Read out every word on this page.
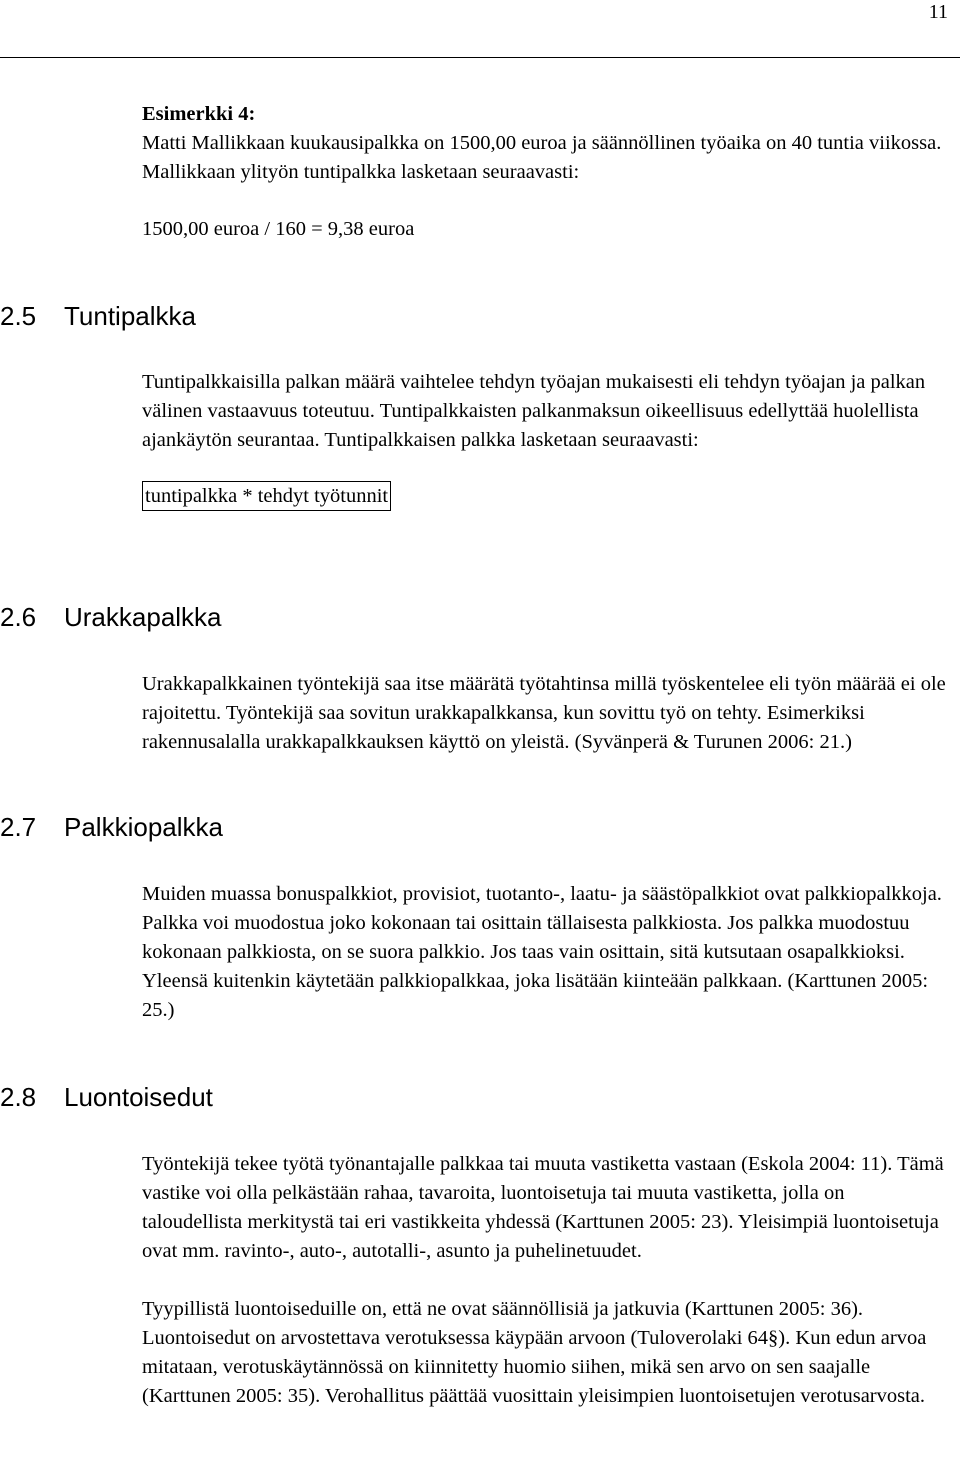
11

Esimerkki 4:

Matti Mallikkaan kuukausipalkka on 1500,00 euroa ja säännöllinen työaika on 40 tuntia viikossa. Mallikkaan ylityön tuntipalkka lasketaan seuraavasti:

1500,00 euroa / 160 = 9,38 euroa

2.5 Tuntipalkka

Tuntipalkkaisilla palkan määrä vaihtelee tehdyn työajan mukaisesti eli tehdyn työajan ja palkan välinen vastaavuus toteutuu. Tuntipalkkaisten palkanmaksun oikeellisuus edellyttää huolellista ajankäytön seurantaa. Tuntipalkkaisen palkka lasketaan seuraavasti:

tuntipalkka * tehdyt työtunnit

2.6 Urakkapalkka

Urakkapalkkainen työntekijä saa itse määrätä työtahtinsa millä työskentelee eli työn määrää ei ole rajoitettu. Työntekijä saa sovitun urakkapalkkansa, kun sovittu työ on tehty. Esimerkiksi rakennusalalla urakkapalkkauksen käyttö on yleistä. (Syvänperä & Turunen 2006: 21.)

2.7 Palkkiopalkka

Muiden muassa bonuspalkkiot, provisiot, tuotanto-, laatu- ja säästöpalkkiot ovat palkkiopalkkoja. Palkka voi muodostua joko kokonaan tai osittain tällaisesta palkkiosta. Jos palkka muodostuu kokonaan palkkiosta, on se suora palkkio. Jos taas vain osittain, sitä kutsutaan osapalkkioksi. Yleensä kuitenkin käytetään palkkiopalkkaa, joka lisätään kiinteään palkkaan. (Karttunen 2005: 25.)

2.8 Luontoisedut

Työntekijä tekee työtä työnantajalle palkkaa tai muuta vastiketta vastaan (Eskola 2004: 11). Tämä vastike voi olla pelkästään rahaa, tavaroita, luontoisetuja tai muuta vastiketta, jolla on taloudellista merkitystä tai eri vastikkeita yhdessä (Karttunen 2005: 23). Yleisimpiä luontoisetuja ovat mm. ravinto-, auto-, autotalli-, asunto ja puhelinetuudet.

Tyypillistä luontoiseduille on, että ne ovat säännöllisiä ja jatkuvia (Karttunen 2005: 36). Luontoisedut on arvostettava verotuksessa käypään arvoon (Tuloverolaki 64§). Kun edun arvoa mitataan, verotuskäytännössä on kiinnitetty huomio siihen, mikä sen arvo on sen saajalle (Karttunen 2005: 35). Verohallitus päättää vuosittain yleisimpien luontoisetujen verotusarvosta.
